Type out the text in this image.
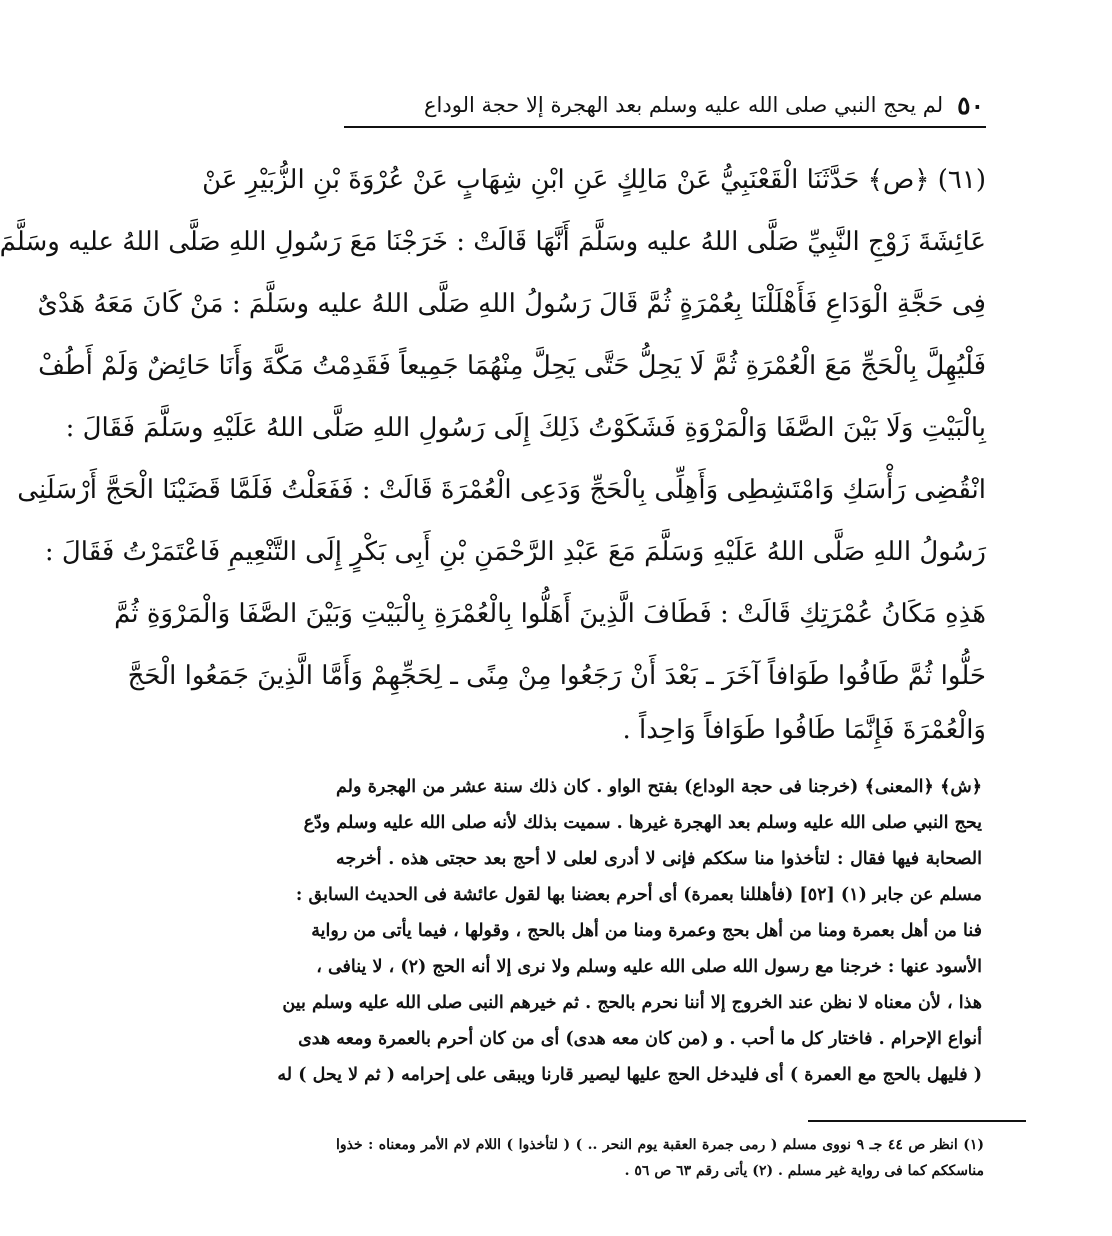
٥٠
لم يحج النبي صلى الله عليه وسلم بعد الهجرة إلا حجة الوداع
(٦١) ﴿ص﴾ حَدَّثَنَا الْقَعْنَبِيُّ عَنْ مَالِكٍ عَنِ ابْنِ شِهَابٍ عَنْ عُرْوَةَ بْنِ الزُّبَيْرِ عَنْ
عَائِشَةَ زَوْجِ النَّبِيِّ صَلَّى اللهُ عليه وسَلَّمَ أَنَّهَا قَالَتْ : خَرَجْنَا مَعَ رَسُولِ اللهِ صَلَّى اللهُ عليه وسَلَّمَ
فِى حَجَّةِ الْوَدَاعِ فَأَهْلَلْنَا بِعُمْرَةٍ ثُمَّ قَالَ رَسُولُ اللهِ صَلَّى اللهُ عليه وسَلَّمَ : مَنْ كَانَ مَعَهُ هَدْىٌ
فَلْيُهِلَّ بِالْحَجِّ مَعَ الْعُمْرَةِ ثُمَّ لَا يَحِلُّ حَتَّى يَحِلَّ مِنْهُمَا جَمِيعاً فَقَدِمْتُ مَكَّةَ وَأَنَا حَائِضٌ وَلَمْ أَطُفْ
بِالْبَيْتِ وَلَا بَيْنَ الصَّفَا وَالْمَرْوَةِ فَشَكَوْتُ ذَلِكَ إِلَى رَسُولِ اللهِ صَلَّى اللهُ عَلَيْهِ وسَلَّمَ فَقَالَ :
انْقُضِى رَأْسَكِ وَامْتَشِطِى وَأَهِلِّى بِالْحَجِّ وَدَعِى الْعُمْرَةَ قَالَتْ : فَفَعَلْتُ فَلَمَّا قَضَيْنَا الْحَجَّ أَرْسَلَنِى
رَسُولُ اللهِ صَلَّى اللهُ عَلَيْهِ وَسَلَّمَ مَعَ عَبْدِ الرَّحْمَنِ بْنِ أَبِى بَكْرٍ إِلَى التَّنْعِيمِ فَاعْتَمَرْتُ فَقَالَ :
هَذِهِ مَكَانُ عُمْرَتِكِ قَالَتْ : فَطَافَ الَّذِينَ أَهَلُّوا بِالْعُمْرَةِ بِالْبَيْتِ وَبَيْنَ الصَّفَا وَالْمَرْوَةِ ثُمَّ
حَلُّوا ثُمَّ طَافُوا طَوَافاً آخَرَ ـ بَعْدَ أَنْ رَجَعُوا مِنْ مِنًى ـ لِحَجِّهِمْ وَأَمَّا الَّذِينَ جَمَعُوا الْحَجَّ
وَالْعُمْرَةَ فَإِنَّمَا طَافُوا طَوَافاً وَاحِداً .
﴿ش﴾ ﴿المعنى﴾ (خرجنا فى حجة الوداع) بفتح الواو . كان ذلك سنة عشر من الهجرة ولم
يحج النبي صلى الله عليه وسلم بعد الهجرة غيرها . سميت بذلك لأنه صلى الله عليه وسلم ودّع
الصحابة فيها فقال : لتأخذوا منا سككم فإنى لا أدرى لعلى لا أحج بعد حجتى هذه . أخرجه
مسلم عن جابر (١) [٥٢] (فأهللنا بعمرة) أى أحرم بعضنا بها لقول عائشة فى الحديث السابق :
فنا من أهل بعمرة ومنا من أهل بحج وعمرة ومنا من أهل بالحج ، وقولها ، فيما يأتى من رواية
الأسود عنها : خرجنا مع رسول الله صلى الله عليه وسلم ولا نرى إلا أنه الحج (٢) ، لا ينافى ،
هذا ، لأن معناه لا نظن عند الخروج إلا أننا نحرم بالحج . ثم خيرهم النبى صلى الله عليه وسلم بين
أنواع الإحرام . فاختار كل ما أحب . و (من كان معه هدى) أى من كان أحرم بالعمرة ومعه هدى
( فليهل بالحج مع العمرة ) أى فليدخل الحج عليها ليصير قارنا ويبقى على إحرامه ( ثم لا يحل ) له
(١) انظر ص ٤٤ جـ ٩ نووى مسلم ( رمى جمرة العقبة يوم النحر .. ) ( لتأخذوا ) اللام لام الأمر ومعناه : خذوا
مناسككم كما فى رواية غير مسلم . (٢) يأتى رقم ٦٣ ص ٥٦ .
